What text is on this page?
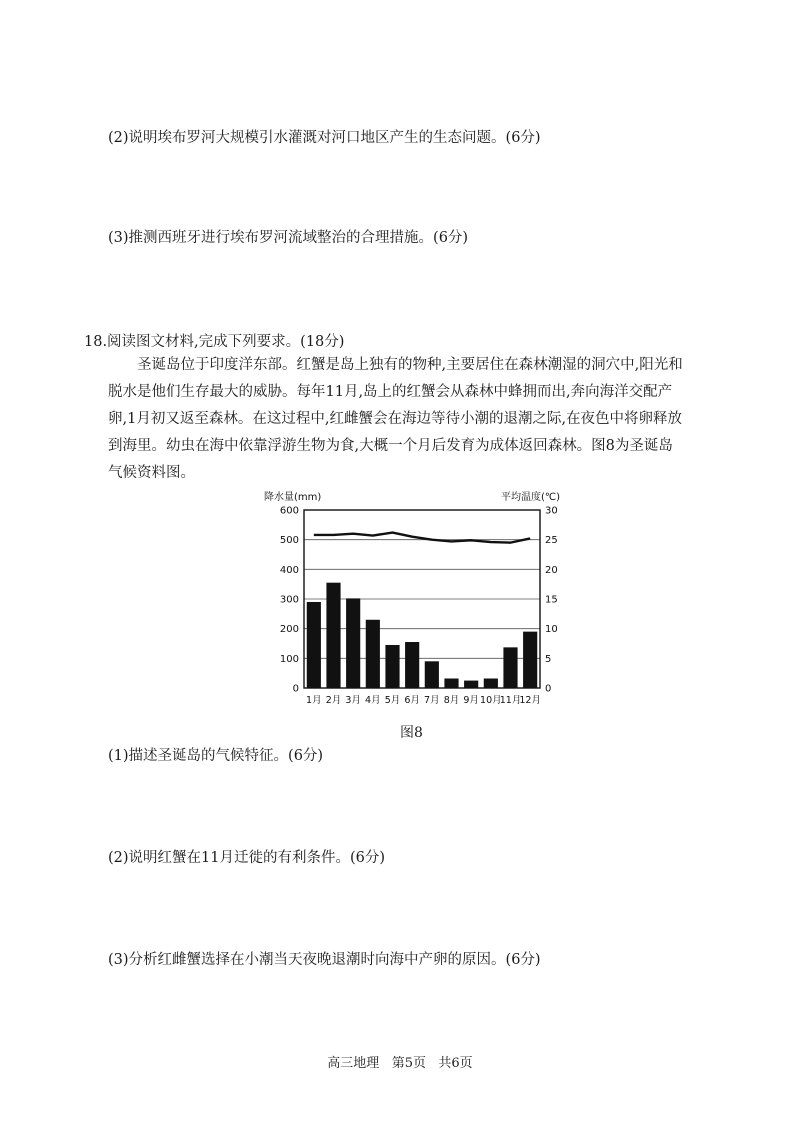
(2)说明埃布罗河大规模引水灌溉对河口地区产生的生态问题。(6分)
(3)推测西班牙进行埃布罗河流域整治的合理措施。(6分)
18.阅读图文材料,完成下列要求。(18分)
圣诞岛位于印度洋东部。红蟹是岛上独有的物种,主要居住在森林潮湿的洞穴中,阳光和
脱水是他们生存最大的威胁。每年11月,岛上的红蟹会从森林中蜂拥而出,奔向海洋交配产
卵,1月初又返至森林。在这过程中,红雌蟹会在海边等待小潮的退潮之际,在夜色中将卵释放
到海里。幼虫在海中依靠浮游生物为食,大概一个月后发育为成体返回森林。图8为圣诞岛
气候资料图。
0
100
200
300
400
500
600
0
5
10
15
20
25
30
降水量(mm)	平均温度(℃)
1月 2月 3月 4月 5月 6月 7月 8月 9月 10月
11月
12月
图8
(1)描述圣诞岛的气候特征。(6分)
(2)说明红蟹在11月迁徙的有利条件。(6分)
(3)分析红雌蟹选择在小潮当天夜晚退潮时向海中产卵的原因。(6分)
高三地理 第5页 共6页
